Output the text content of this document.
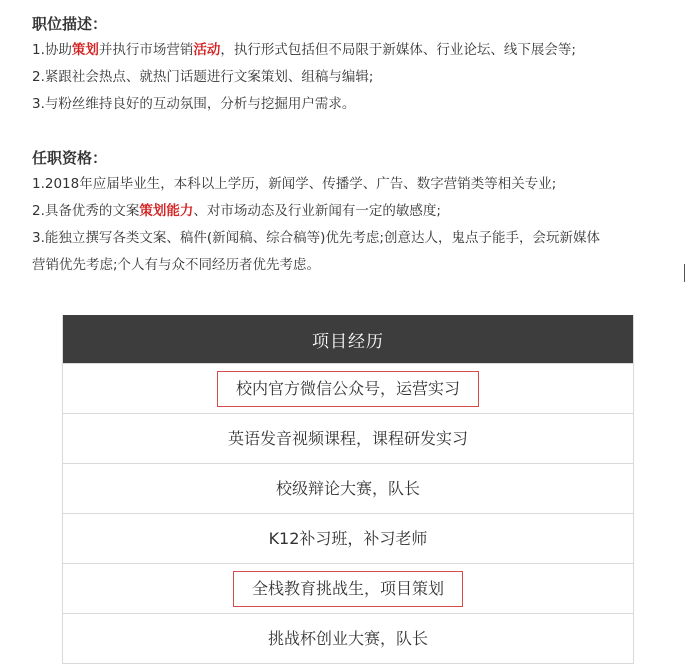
职位描述：
1.协助策划并执行市场营销活动，执行形式包括但不局限于新媒体、行业论坛、线下展会等;
2.紧跟社会热点、就热门话题进行文案策划、组稿与编辑;
3.与粉丝维持良好的互动氛围，分析与挖掘用户需求。
任职资格：
1.2018年应届毕业生，本科以上学历，新闻学、传播学、广告、数字营销类等相关专业;
2.具备优秀的文案策划能力、对市场动态及行业新闻有一定的敏感度;
3.能独立撰写各类文案、稿件(新闻稿、综合稿等)优先考虑;创意达人，鬼点子能手，会玩新媒体
营销优先考虑;个人有与众不同经历者优先考虑。
项目经历
校内官方微信公众号，运营实习
英语发音视频课程，课程研发实习
校级辩论大赛，队长
K12补习班，补习老师
全栈教育挑战生，项目策划
挑战杯创业大赛，队长
